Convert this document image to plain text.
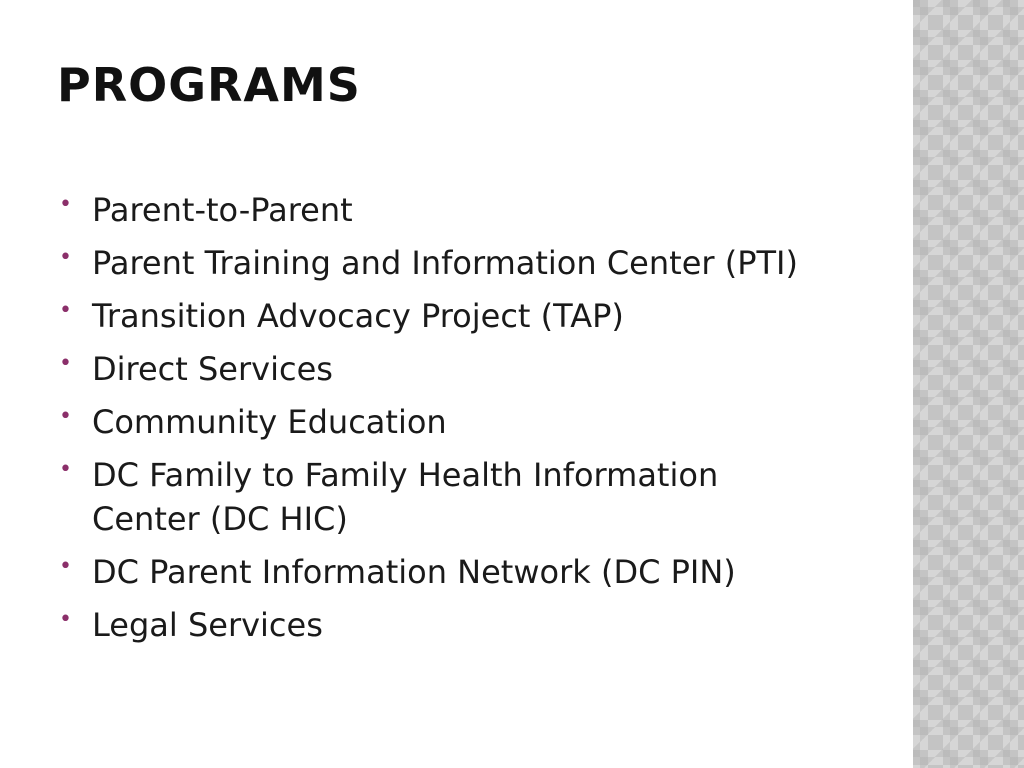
PROGRAMS
• Parent-to-Parent
• Parent Training and Information Center (PTI)
• Transition Advocacy Project (TAP)
• Direct Services
• Community Education
• DC Family to Family Health Information Center (DC HIC)
• DC Parent Information Network (DC PIN)
• Legal Services
